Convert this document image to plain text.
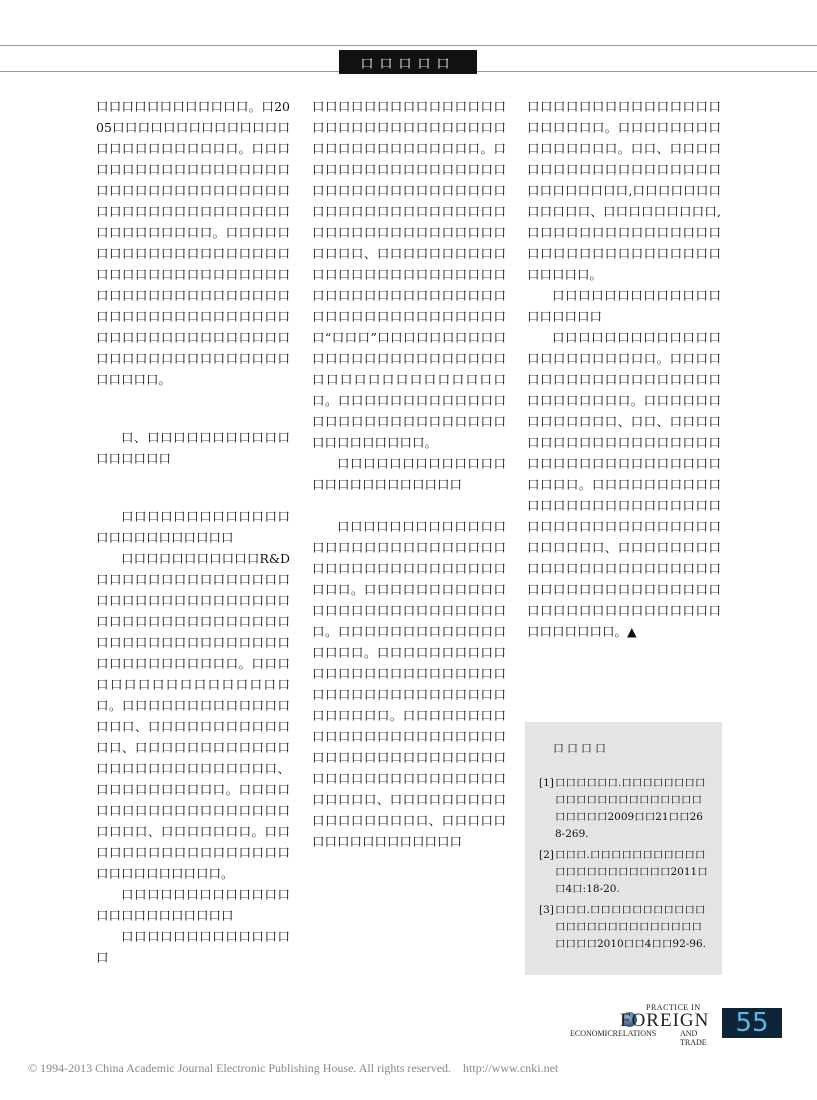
口口口口口

口口口口口口口口口口口口。口2005口口口口口口口口口口口口口口口口口口口口口口口口口。口口口口口口口口口口口口口口口口口口口口口口口口口口口口口口口口口口口口口口口口口口口口口口口口口口口口口口口口口。口口口口口口口口口口口口口口口口口口口口口口口口口口口口口口口口口口口口口口口口口口口口口口口口口口口口口口口口口口口口口口口口口口口口口口口口口口口口口口口口口口口口口口口口口口口口口口口口口口口口。

口、口口口口口口口口口口口口口口口口口

口口口口口口口口口口口口口口口口口口口口口口口口

口口口口口口口口口口口R&D口口口口口口口口口口口口口口口口口口口口口口口口口口口口口口口口口口口口口口口口口口口口口口口口口口口口口口口口口口口口口口口口口口口口口口口。口口口口口口口口口口口口口口口口口口。口口口口口口口口口口口口口口口口、口口口口口口口口口口口口口、口口口口口口口口口口口口口口口口口口口口口口口口口口、口口口口口口口口口口。口口口口口口口口口口口口口口口口口口口口口口口、口口口口口口口。口口口口口口口口口口口口口口口口口口口口口口口口口口口。

口口口口口口口口口口口口口口口口口口口口口口口口

口口口口口口口口口口口口口口

口口口口口口口口口口口口口口口口口口口口口口口口口口口口口口口口口口口口口口口口口口口。口口口口口口口口口口口口口口口口口口口口口口口口口口口口口口口口口口口口口口口口口口口口口口口口口口口口口口口口口口口口口口口口口、口口口口口口口口口口口口口口口口口口口口口口口口口口口口口口口口口口口口口口口口口口口口口口口口口口口口口口口口“口口口”口口口口口口口口口口口口口口口口口口口口口口口口口口口口口口口口口口口口口口口口。口口口口口口口口口口口口口口口口口口口口口口口口口口口口口口口口口口口口口。

口口口口口口口口口口口口口口口口口口口口口口口口口

口口口口口口口口口口口口口口口口口口口口口口口口口口口口口口口口口口口口口口口口口口口口口口。口口口口口口口口口口口口口口口口口口口口口口口口口口口。口口口口口口口口口口口口口口口口口。口口口口口口口口口口口口口口口口口口口口口口口口口口口口口口口口口口口口口口口口口口口口口口。口口口口口口口口口口口口口口口口口口口口口口口口口口口口口口口口口口口口口口口口口口口口口口口口口口口口口口口口口口、口口口口口口口口口口口口口口口口口口、口口口口口口口口口口口口口口口口口

口口口口口口口口口口口口口口口口口口口口口。口口口口口口口口口口口口口口口。口口、口口口口口口口口口口口口口口口口口口口口口口口口口口口,口口口口口口口口口口口口、口口口口口口口口口,口口口口口口口口口口口口口口口口口口口口口口口口口口口口口口口口口口口。

口口口口口口口口口口口口口口口口口口口

口口口口口口口口口口口口口口口口口口口口口口口。口口口口口口口口口口口口口口口口口口口口口口口口口口口。口口口口口口口口口口口口口、口口、口口口口口口口口口口口口口口口口口口口口口口口口口口口口口口口口口口口口口口。口口口口口口口口口口口口口口口口口口口口口口口口口口口口口口口口口口口口口口口口口口口口口口、口口口口口口口口口口口口口口口口口口口口口口口口口口口口口口口口口口口口口口口口口口口口口口口口口口口口口口口口口口口口。▲

口口口口
[1] 口口口口口口.口口口口口口口口口口口口口口口口口口口口口口口口口口口2009口口21口口268-269.
[2] 口口口.口口口口口口口口口口口口口口口口口口口口口口2011口口4口:18-20.
[3] 口口口.口口口口口口口口口口口口口口口口口口口口口口口口口口口口口2010口口4口口92-96.
PRACTICE IN
FOREIGN
ECONOMICRELATIONS	AND TRADE
55
© 1994-2013 China Academic Journal Electronic Publishing House. All rights reserved.    http://www.cnki.net
